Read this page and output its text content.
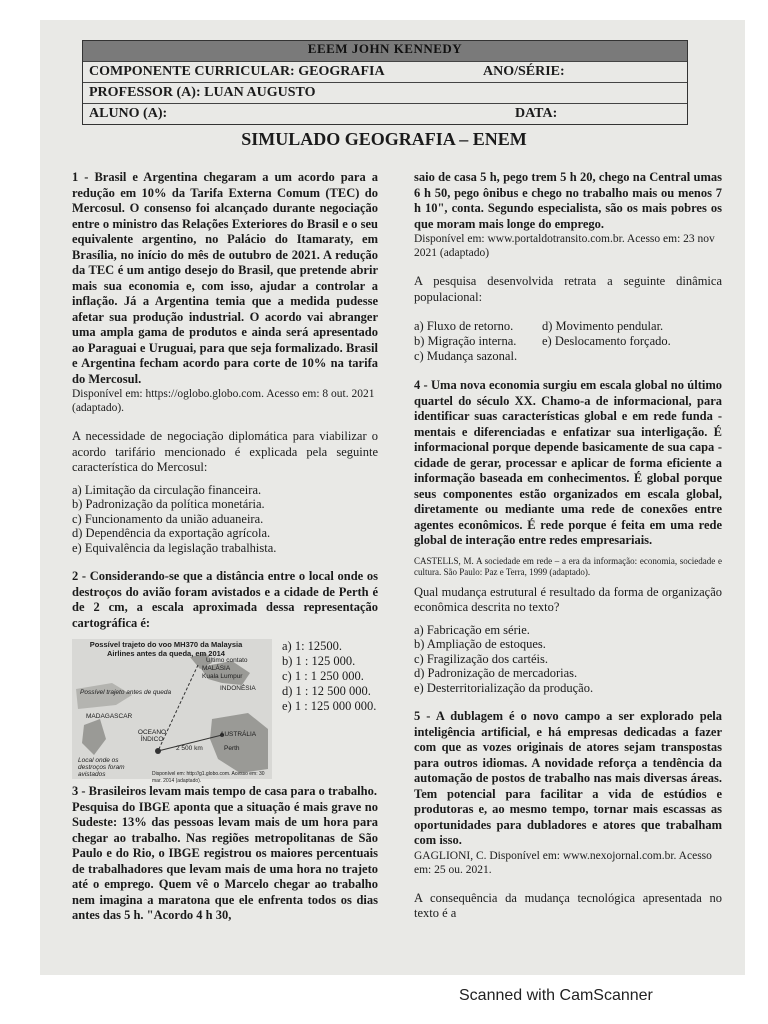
EEEM JOHN KENNEDY
COMPONENTE CURRICULAR: GEOGRAFIA	ANO/SÉRIE:
PROFESSOR (A): LUAN AUGUSTO
ALUNO (A):	DATA:
SIMULADO GEOGRAFIA – ENEM

1 - Brasil e Argentina chegaram a um acordo para a redução em 10% da Tarifa Externa Comum (TEC) do Mercosul. O consenso foi alcançado durante negociação entre o ministro das Relações Exteriores do Brasil e o seu equivalente argentino, no Palácio do Itamaraty, em Brasília, no início do mês de outubro de 2021. A redução da TEC é um antigo desejo do Brasil, que pretende abrir mais sua economia e, com isso, ajudar a controlar a inflação. Já a Argentina temia que a medida pudesse afetar sua produção industrial. O acordo vai abranger uma ampla gama de produtos e ainda será apresentado ao Paraguai e Uruguai, para que seja formalizado. Brasil e Argentina fecham acordo para corte de 10% na tarifa do Mercosul.

Disponível em: https://oglobo.globo.com. Acesso em: 8 out. 2021 (adaptado).

A necessidade de negociação diplomática para viabilizar o acordo tarifário mencionado é explicada pela seguinte característica do Mercosul:

a) Limitação da circulação financeira.
b) Padronização da política monetária.
c) Funcionamento da união aduaneira.
d) Dependência da exportação agrícola.
e) Equivalência da legislação trabalhista.

2 - Considerando-se que a distância entre o local onde os destroços do avião foram avistados e a cidade de Perth é de 2 cm, a escala aproximada dessa representação cartográfica é:

Possível trajeto do voo MH370 da Malaysia Airlines antes da queda, em 2014
Último contato
MALÁSIA
Kuala Lumpur
INDONÉSIA
Possível trajeto antes de queda
MADAGASCAR
OCEANO ÍNDICO
AUSTRÁLIA
Perth
2 500 km
Local onde os destroços foram avistados	Disponível em: http://g1.globo.com. Acesso em: 30 mar. 2014 (adaptado).
a) 1: 12500.
b) 1 : 125 000.
c) 1 : 1 250 000.
d) 1 : 12 500 000.
e) 1 : 125 000 000.

3 - Brasileiros levam mais tempo de casa para o trabalho.

Pesquisa do IBGE aponta que a situação é mais grave no Sudeste: 13% das pessoas levam mais de um hora para chegar ao trabalho. Nas regiões metropolitanas de São Paulo e do Rio, o IBGE registrou os maiores percentuais de trabalhadores que levam mais de uma hora no trajeto até o emprego. Quem vê o Marcelo chegar ao trabalho nem imagina a maratona que ele enfrenta todos os dias antes das 5 h. "Acordo 4 h 30,

saio de casa 5 h, pego trem 5 h 20, chego na Central umas 6 h 50, pego ônibus e chego no trabalho mais ou menos 7 h 10", conta. Segundo especialista, são os mais pobres os que moram mais longe do emprego.

Disponível em: www.portaldotransito.com.br. Acesso em: 23 nov 2021 (adaptado)

A pesquisa desenvolvida retrata a seguinte dinâmica populacional:

a) Fluxo de retorno.	d) Movimento pendular.
b) Migração interna.	e) Deslocamento forçado.
c) Mudança sazonal.

4 - Uma nova economia surgiu em escala global no último quartel do século XX. Chamo-a de informacional, para identificar suas características global e em rede funda - mentais e diferenciadas e enfatizar sua interligação. É informacional porque depende basicamente de sua capa - cidade de gerar, processar e aplicar de forma eficiente a informação baseada em conhecimentos. É global porque seus componentes estão organizados em escala global, diretamente ou mediante uma rede de conexões entre agentes econômicos. É rede porque é feita em uma rede global de interação entre redes empresariais.

CASTELLS, M. A sociedade em rede – a era da informação: economia, sociedade e cultura. São Paulo: Paz e Terra, 1999 (adaptado).

Qual mudança estrutural é resultado da forma de organização econômica descrita no texto?

a) Fabricação em série.
b) Ampliação de estoques.
c) Fragilização dos cartéis.
d) Padronização de mercadorias.
e) Desterritorialização da produção.

5 - A dublagem é o novo campo a ser explorado pela inteligência artificial, e há empresas dedicadas a fazer com que as vozes originais de atores sejam transpostas para outros idiomas. A novidade reforça a tendência da automação de postos de trabalho nas mais diversas áreas. Tem potencial para facilitar a vida de estúdios e produtoras e, ao mesmo tempo, tornar mais escassas as oportunidades para dubladores e atores que trabalham com isso.

GAGLIONI, C. Disponível em: www.nexojornal.com.br. Acesso em: 25 ou. 2021.

A consequência da mudança tecnológica apresentada no texto é a

Scanned with CamScanner
